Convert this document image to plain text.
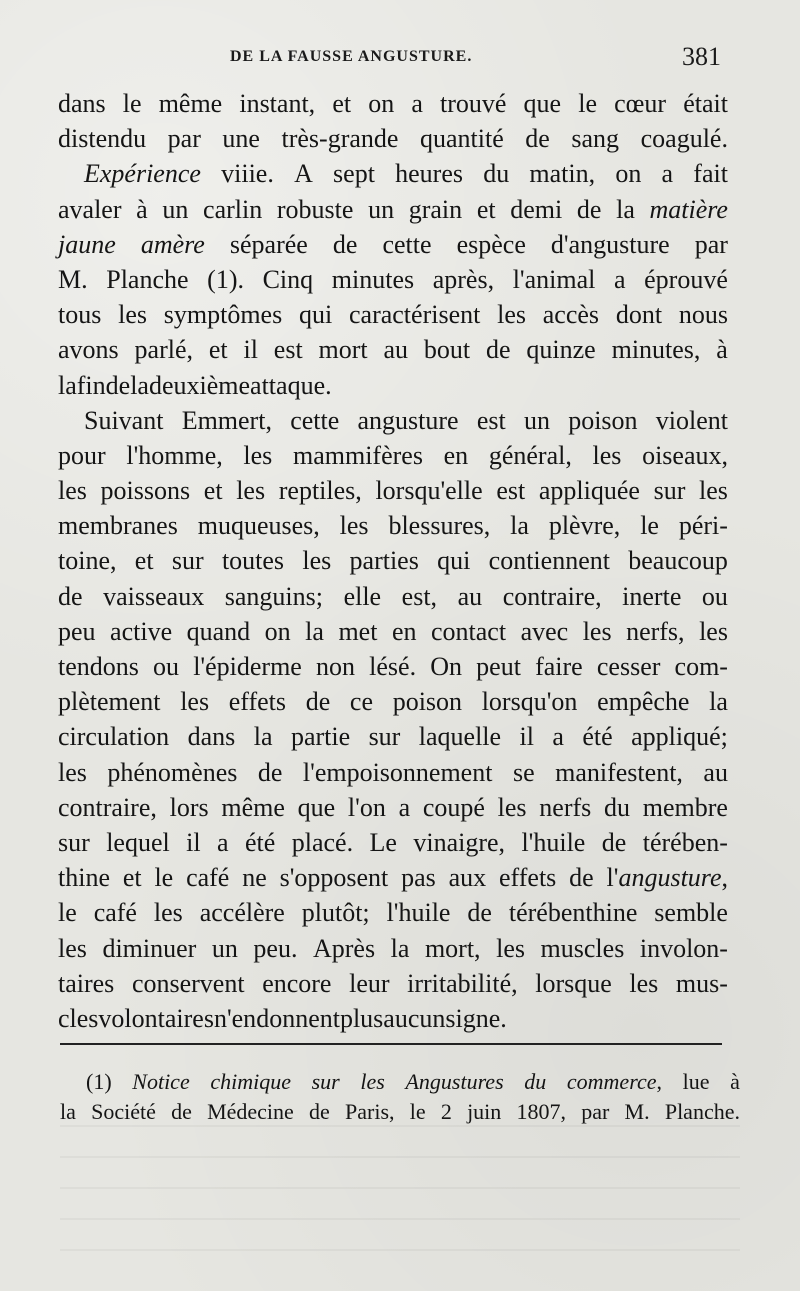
DE LA FAUSSE ANGUSTURE.	381
dans le même instant, et on a trouvé que le cœur était
distendu par une très-grande quantité de sang coagulé.
Expérience viiie. A sept heures du matin, on a fait
avaler à un carlin robuste un grain et demi de la matière
jaune amère séparée de cette espèce d'angusture par
M. Planche (1). Cinq minutes après, l'animal a éprouvé
tous les symptômes qui caractérisent les accès dont nous
avons parlé, et il est mort au bout de quinze minutes, à
la fin de la deuxième attaque.
Suivant Emmert, cette angusture est un poison violent
pour l'homme, les mammifères en général, les oiseaux,
les poissons et les reptiles, lorsqu'elle est appliquée sur les
membranes muqueuses, les blessures, la plèvre, le péri-
toine, et sur toutes les parties qui contiennent beaucoup
de vaisseaux sanguins; elle est, au contraire, inerte ou
peu active quand on la met en contact avec les nerfs, les
tendons ou l'épiderme non lésé. On peut faire cesser com-
plètement les effets de ce poison lorsqu'on empêche la
circulation dans la partie sur laquelle il a été appliqué;
les phénomènes de l'empoisonnement se manifestent, au
contraire, lors même que l'on a coupé les nerfs du membre
sur lequel il a été placé. Le vinaigre, l'huile de térében-
thine et le café ne s'opposent pas aux effets de l'angusture,
le café les accélère plutôt; l'huile de térébenthine semble
les diminuer un peu. Après la mort, les muscles involon-
taires conservent encore leur irritabilité, lorsque les mus-
cles volontaires n'en donnent plus aucun signe.
(1) Notice chimique sur les Angustures du commerce, lue à
la Société de Médecine de Paris, le 2 juin 1807, par M. Planche.
